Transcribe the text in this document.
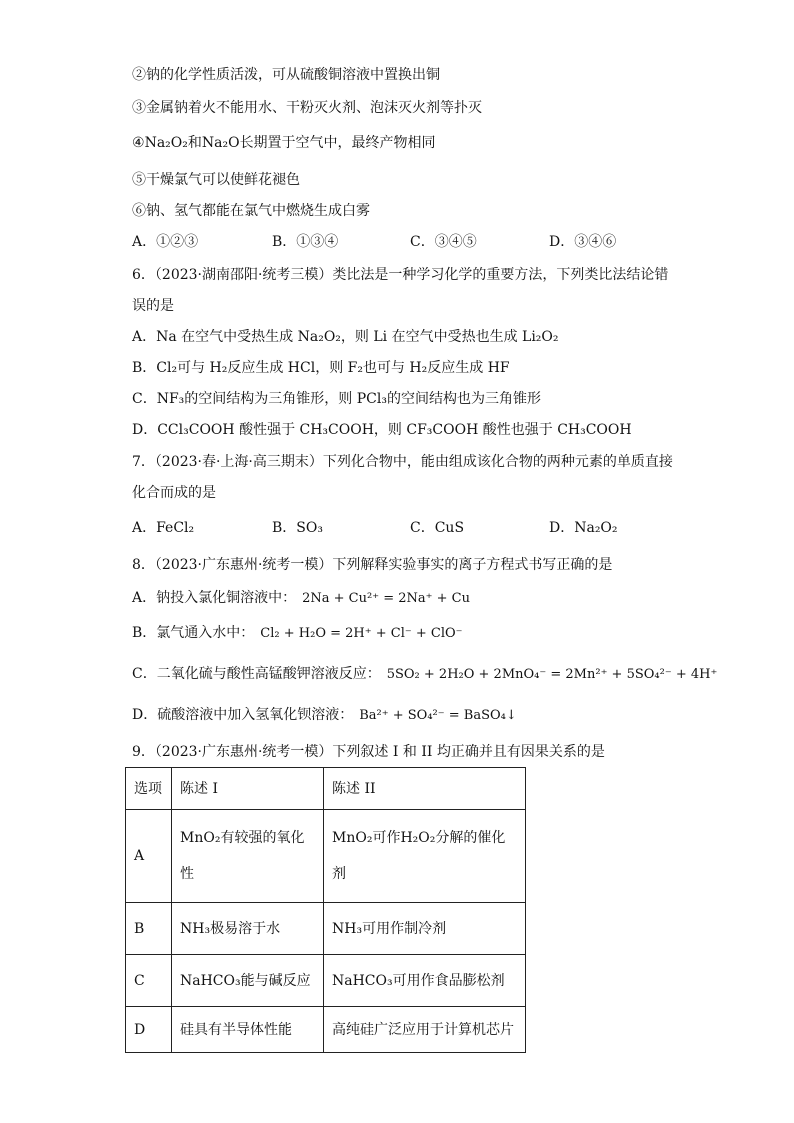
②钠的化学性质活泼，可从硫酸铜溶液中置换出铜
③金属钠着火不能用水、干粉灭火剂、泡沫灭火剂等扑灭
④Na₂O₂和Na₂O长期置于空气中，最终产物相同
⑤干燥氯气可以使鲜花褪色
⑥钠、氢气都能在氯气中燃烧生成白雾
A．①②③	B．①③④	C．③④⑤	D．③④⑥
6．（2023·湖南邵阳·统考三模）类比法是一种学习化学的重要方法，下列类比法结论错
误的是
A．Na 在空气中受热生成 Na₂O₂，则 Li 在空气中受热也生成 Li₂O₂
B．Cl₂可与 H₂反应生成 HCl，则 F₂也可与 H₂反应生成 HF
C．NF₃的空间结构为三角锥形，则 PCl₃的空间结构也为三角锥形
D．CCl₃COOH 酸性强于 CH₃COOH，则 CF₃COOH 酸性也强于 CH₃COOH
7．（2023·春·上海·高三期末）下列化合物中，能由组成该化合物的两种元素的单质直接
化合而成的是
A．FeCl₂	B．SO₃	C．CuS	D．Na₂O₂
8．（2023·广东惠州·统考一模）下列解释实验事实的离子方程式书写正确的是
A．钠投入氯化铜溶液中： 2Na + Cu²⁺ = 2Na⁺ + Cu
B．氯气通入水中： Cl₂ + H₂O = 2H⁺ + Cl⁻ + ClO⁻
C．二氧化硫与酸性高锰酸钾溶液反应： 5SO₂ + 2H₂O + 2MnO₄⁻ = 2Mn²⁺ + 5SO₄²⁻ + 4H⁺
D．硫酸溶液中加入氢氧化钡溶液： Ba²⁺ + SO₄²⁻ = BaSO₄↓
9．（2023·广东惠州·统考一模）下列叙述 I 和 II 均正确并且有因果关系的是
选项	陈述 I	陈述 II
A	MnO₂有较强的氧化性	MnO₂可作H₂O₂分解的催化剂

B	NH₃极易溶于水	NH₃可用作制冷剂
C	NaHCO₃能与碱反应	NaHCO₃可用作食品膨松剂
D	硅具有半导体性能	高纯硅广泛应用于计算机芯片
